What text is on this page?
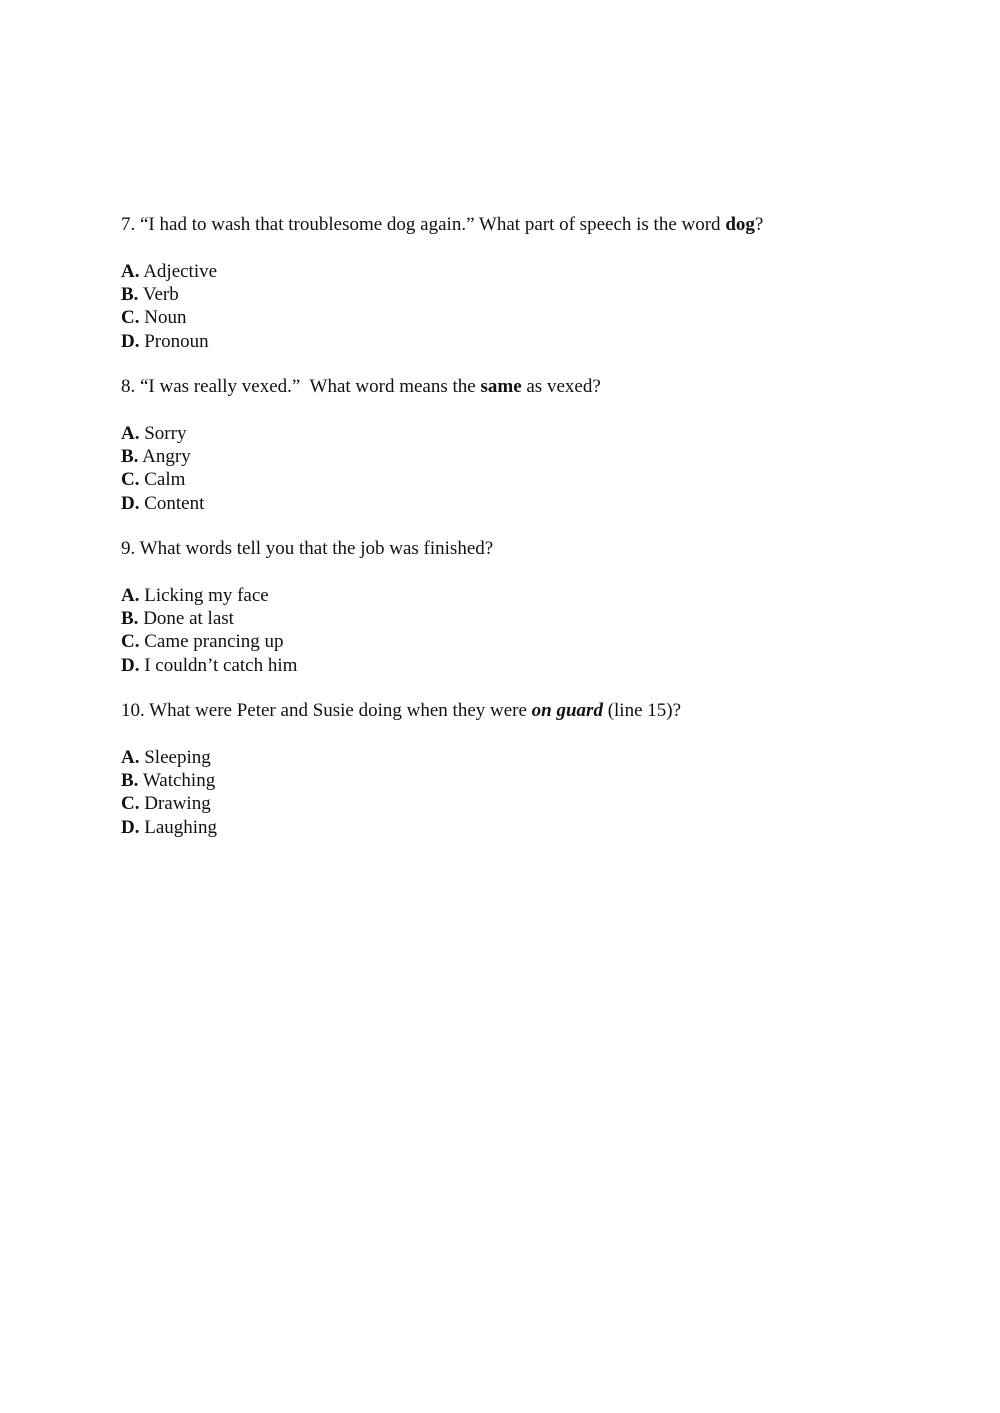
7. “I had to wash that troublesome dog again.” What part of speech is the word dog?

A. Adjective
B. Verb
C. Noun
D. Pronoun

8. “I was really vexed.”  What word means the same as vexed?

A. Sorry
B. Angry
C. Calm
D. Content

9. What words tell you that the job was finished?

A. Licking my face
B. Done at last
C. Came prancing up
D. I couldn’t catch him

10. What were Peter and Susie doing when they were on guard (line 15)?

A. Sleeping
B. Watching
C. Drawing
D. Laughing
